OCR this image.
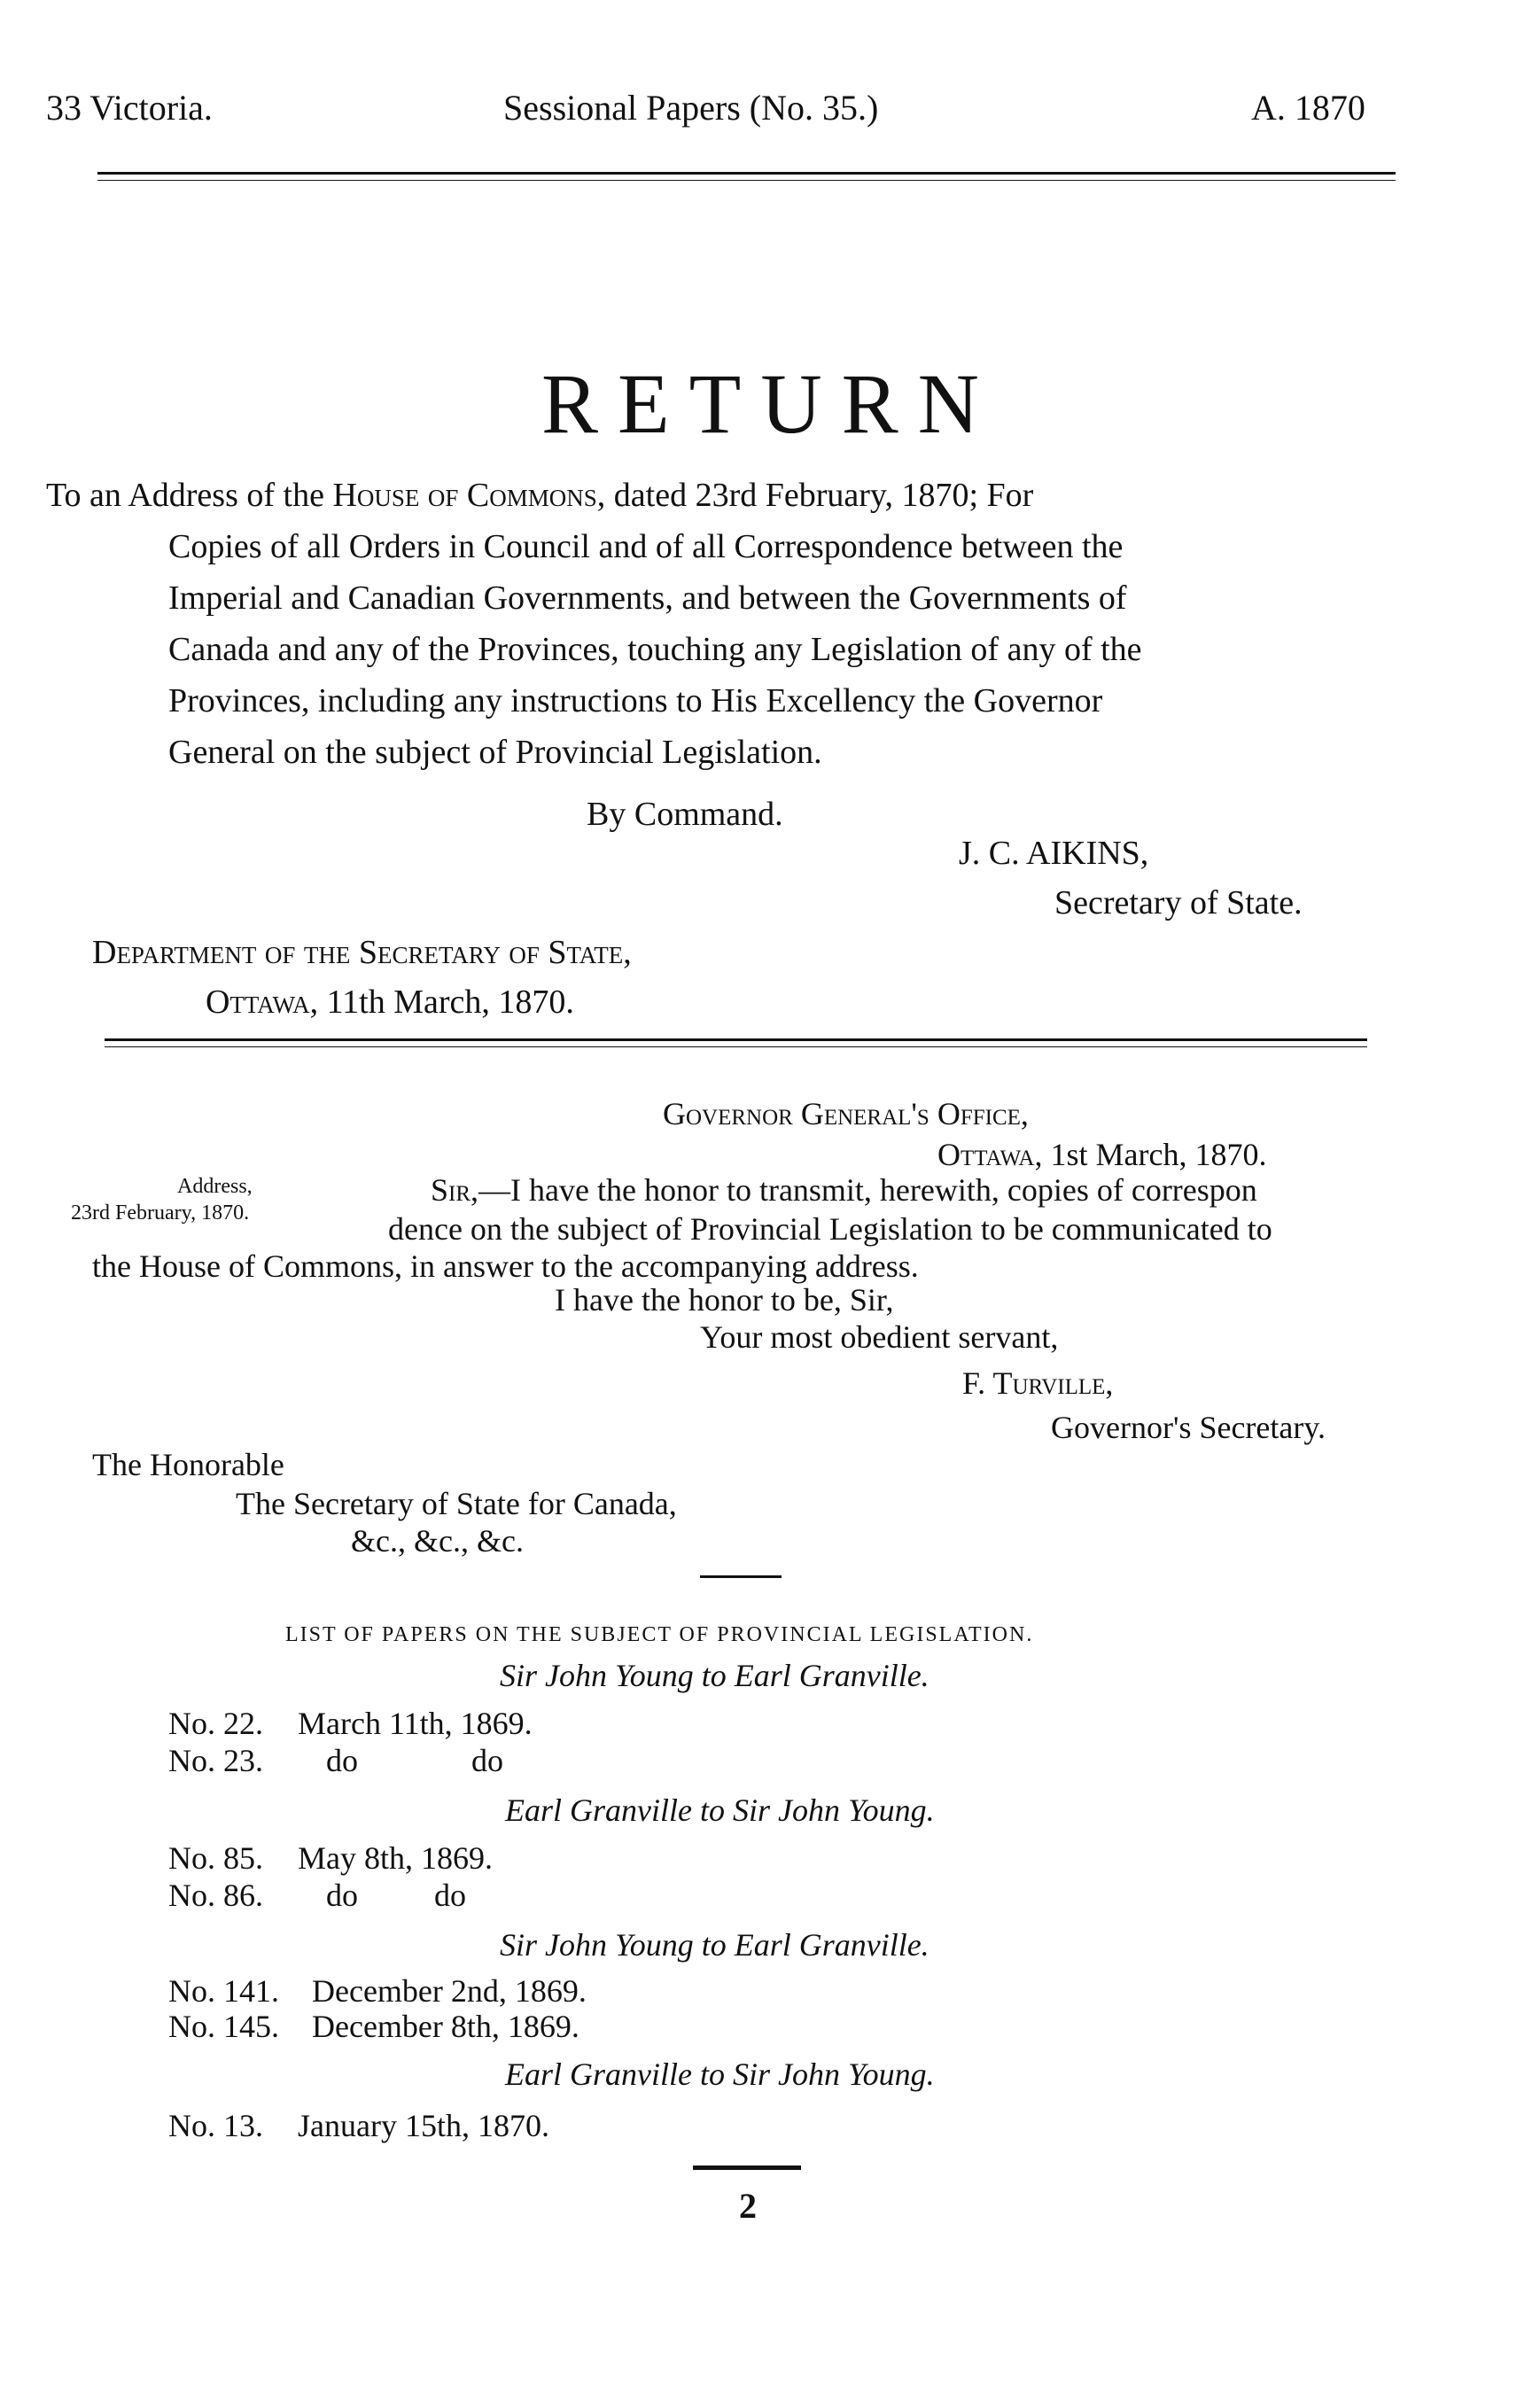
33 Victoria.	Sessional Papers (No. 35.)	A. 1870
RETURN
To an Address of the House of Commons, dated 23rd February, 1870; For
Copies of all Orders in Council and of all Correspondence between the
Imperial and Canadian Governments, and between the Governments of
Canada and any of the Provinces, touching any Legislation of any of the
Provinces, including any instructions to His Excellency the Governor
General on the subject of Provincial Legislation.
By Command.
J. C. AIKINS,
Secretary of State.
Department of the Secretary of State,
Ottawa, 11th March, 1870.
Governor General's Office,
Ottawa, 1st March, 1870.
Address,
23rd February, 1870.
Sir,—I have the honor to transmit, herewith, copies of correspon
dence on the subject of Provincial Legislation to be communicated to
the House of Commons, in answer to the accompanying address.
I have the honor to be, Sir,
Your most obedient servant,
F. Turville,
Governor's Secretary.
The Honorable
The Secretary of State for Canada,
&c., &c., &c.
LIST OF PAPERS ON THE SUBJECT OF PROVINCIAL LEGISLATION.
Sir John Young to Earl Granville.
No. 22. March 11th, 1869.
No. 23. do	do
Earl Granville to Sir John Young.
No. 85. May 8th, 1869.
No. 86. do do
Sir John Young to Earl Granville.
No. 141. December 2nd, 1869.
No. 145. December 8th, 1869.
Earl Granville to Sir John Young.
No. 13. January 15th, 1870.
2
